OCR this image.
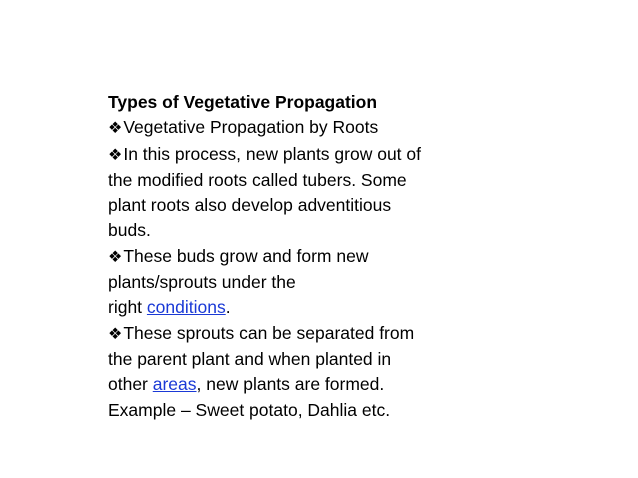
Types of Vegetative Propagation
❖Vegetative Propagation by Roots
❖In this process, new plants grow out of
the modified roots called tubers. Some
plant roots also develop adventitious
buds.
❖These buds grow and form new
plants/sprouts under the
right conditions.
❖These sprouts can be separated from
the parent plant and when planted in
other areas, new plants are formed.
Example – Sweet potato, Dahlia etc.
